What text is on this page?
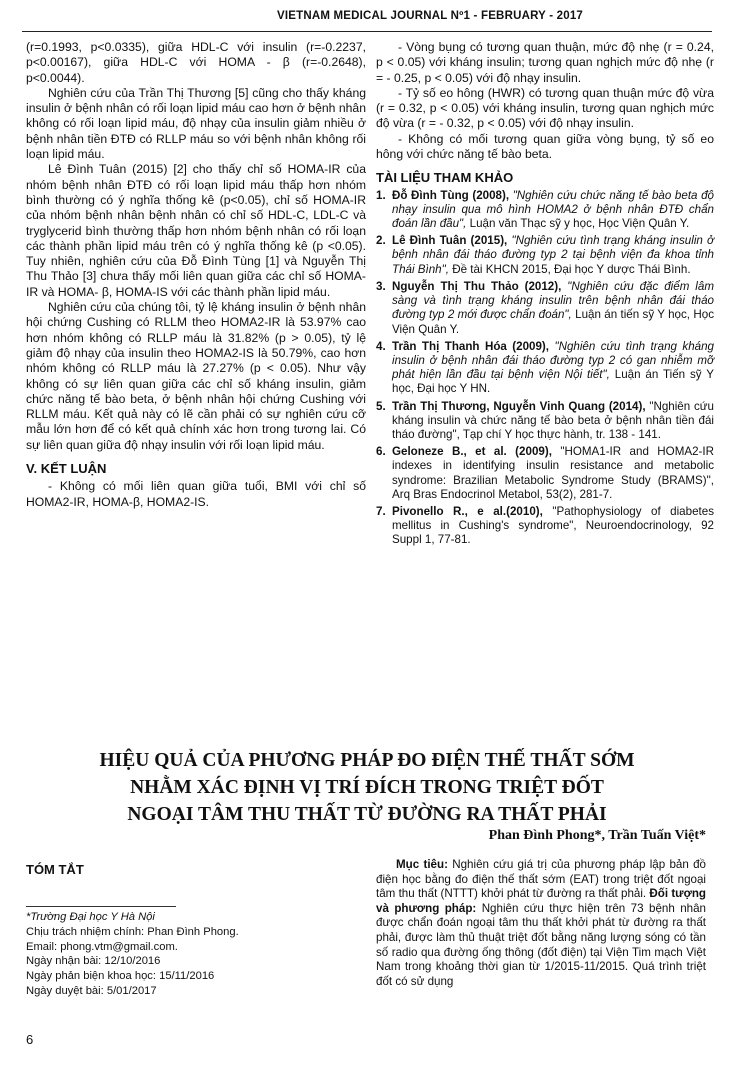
VIETNAM MEDICAL JOURNAL Nº1 - FEBRUARY - 2017

(r=0.1993, p<0.0335), giữa HDL-C với insulin (r=-0.2237, p<0.00167), giữa HDL-C với HOMA - β (r=-0.2648), p<0.0044).

Nghiên cứu của Trần Thị Thương [5] cũng cho thấy kháng insulin ở bệnh nhân có rối loạn lipid máu cao hơn ở bệnh nhân không có rối loạn lipid máu, độ nhạy của insulin giảm nhiều ở bệnh nhân tiền ĐTĐ có RLLP máu so với bệnh nhân không rối loạn lipid máu.

Lê Đình Tuân (2015) [2] cho thấy chỉ số HOMA-IR của nhóm bệnh nhân ĐTĐ có rối loạn lipid máu thấp hơn nhóm bình thường có ý nghĩa thống kê (p<0.05), chỉ số HOMA-IR của nhóm bệnh nhân bệnh nhân có chỉ số HDL-C, LDL-C và tryglycerid bình thường thấp hơn nhóm bệnh nhân có rối loạn các thành phần lipid máu trên có ý nghĩa thống kê (p <0.05). Tuy nhiên, nghiên cứu của Đỗ Đình Tùng [1] và Nguyễn Thị Thu Thảo [3] chưa thấy mối liên quan giữa các chỉ số HOMA-IR và HOMA- β, HOMA-IS với các thành phần lipid máu.

Nghiên cứu của chúng tôi, tỷ lệ kháng insulin ở bệnh nhân hội chứng Cushing có RLLM theo HOMA2-IR là 53.97% cao hơn nhóm không có RLLP máu là 31.82% (p > 0.05), tỷ lệ giảm độ nhạy của insulin theo HOMA2-IS là 50.79%, cao hơn nhóm không có RLLP máu là 27.27% (p < 0.05). Như vậy không có sự liên quan giữa các chỉ số kháng insulin, giảm chức năng tế bào beta, ở bệnh nhân hội chứng Cushing với RLLM máu. Kết quả này có lẽ cần phải có sự nghiên cứu cỡ mẫu lớn hơn để có kết quả chính xác hơn trong tương lai. Có sự liên quan giữa độ nhạy insulin với rối loạn lipid máu.

V. KẾT LUẬN

- Không có mối liên quan giữa tuổi, BMI với chỉ số HOMA2-IR, HOMA-β, HOMA2-IS.

- Vòng bụng có tương quan thuận, mức độ nhẹ (r = 0.24, p < 0.05) với kháng insulin; tương quan nghịch mức độ nhẹ (r = - 0.25, p < 0.05) với độ nhạy insulin.

- Tỷ số eo hông (HWR) có tương quan thuận mức độ vừa (r = 0.32, p < 0.05) với kháng insulin, tương quan nghịch mức độ vừa (r = - 0.32, p < 0.05) với độ nhạy insulin.

- Không có mối tương quan giữa vòng bụng, tỷ số eo hông với chức năng tế bào beta.

TÀI LIỆU THAM KHẢO
1. Đỗ Đình Tùng (2008), "Nghiên cứu chức năng tế bào beta độ nhạy insulin qua mô hình HOMA2 ở bệnh nhân ĐTĐ chẩn đoán lần đầu", Luận văn Thạc sỹ y học, Học Viện Quân Y.
2. Lê Đình Tuân (2015), "Nghiên cứu tình trạng kháng insulin ở bệnh nhân đái tháo đường typ 2 tại bệnh viện đa khoa tỉnh Thái Bình", Đề tài KHCN 2015, Đại học Y dược Thái Bình.
3. Nguyễn Thị Thu Thảo (2012), "Nghiên cứu đặc điểm lâm sàng và tình trạng kháng insulin trên bệnh nhân đái tháo đường typ 2 mới được chẩn đoán", Luận án tiến sỹ Y học, Học Viện Quân Y.
4. Trần Thị Thanh Hóa (2009), "Nghiên cứu tình trạng kháng insulin ở bệnh nhân đái tháo đường typ 2 có gan nhiễm mỡ phát hiện lần đầu tại bệnh viện Nội tiết", Luận án Tiến sỹ Y học, Đại học Y HN.
5. Trần Thị Thương, Nguyễn Vinh Quang (2014), "Nghiên cứu kháng insulin và chức năng tế bào beta ở bệnh nhân tiền đái tháo đường", Tạp chí Y học thực hành, tr. 138 - 141.
6. Geloneze B., et al. (2009), "HOMA1-IR and HOMA2-IR indexes in identifying insulin resistance and metabolic syndrome: Brazilian Metabolic Syndrome Study (BRAMS)", Arq Bras Endocrinol Metabol, 53(2), 281-7.
7. Pivonello R., e al.(2010), "Pathophysiology of diabetes mellitus in Cushing's syndrome", Neuroendocrinology, 92 Suppl 1, 77-81.
HIỆU QUẢ CỦA PHƯƠNG PHÁP ĐO ĐIỆN THẾ THẤT SỚM
NHẰM XÁC ĐỊNH VỊ TRÍ ĐÍCH TRONG TRIỆT ĐỐT
NGOẠI TÂM THU THẤT TỪ ĐƯỜNG RA THẤT PHẢI
Phan Đình Phong*, Trần Tuấn Việt*
TÓM TẮT

*Trường Đại học Y Hà Nội

Chịu trách nhiệm chính: Phan Đình Phong.

Email: phong.vtm@gmail.com.

Ngày nhận bài: 12/10/2016

Ngày phản biện khoa học: 15/11/2016

Ngày duyệt bài: 5/01/2017

Mục tiêu: Nghiên cứu giá trị của phương pháp lập bản đồ điện học bằng đo điện thế thất sớm (EAT) trong triệt đốt ngoại tâm thu thất (NTTT) khởi phát từ đường ra thất phải. Đối tượng và phương pháp: Nghiên cứu thực hiện trên 73 bệnh nhân được chẩn đoán ngoại tâm thu thất khởi phát từ đường ra thất phải, được làm thủ thuật triệt đốt bằng năng lượng sóng có tần số radio qua đường ống thông (đốt điện) tại Viện Tim mạch Việt Nam trong khoảng thời gian từ 1/2015-11/2015. Quá trình triệt đốt có sử dụng

6
